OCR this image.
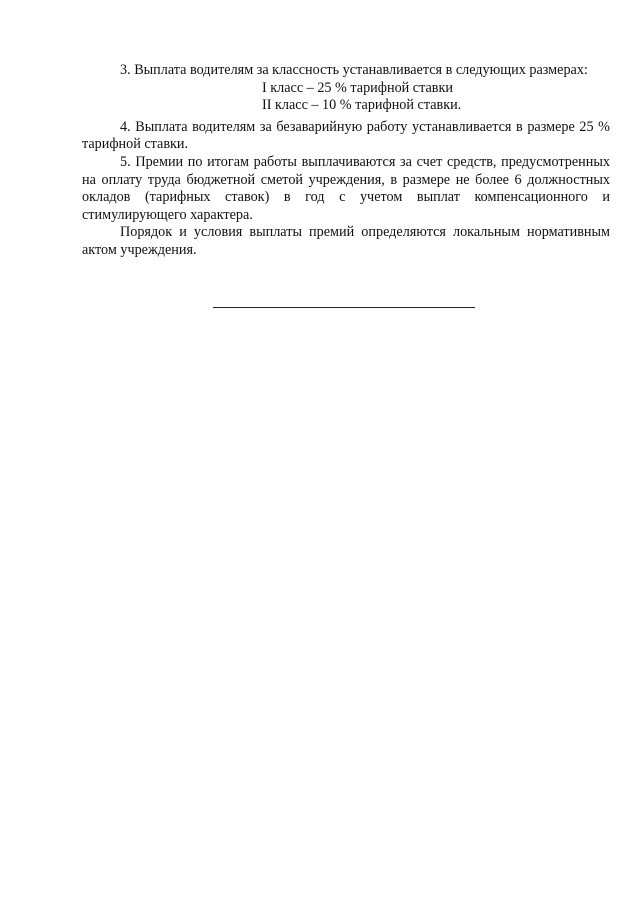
3. Выплата водителям за классность устанавливается в следующих размерах:

I класс – 25 % тарифной ставки
II класс – 10 % тарифной ставки.

4. Выплата водителям за безаварийную работу устанавливается в размере 25 % тарифной ставки.

5. Премии по итогам работы выплачиваются за счет средств, предусмотренных на оплату труда бюджетной сметой учреждения, в размере не более 6 должностных окладов (тарифных ставок) в год с учетом выплат компенсационного и стимулирующего характера.

Порядок и условия выплаты премий определяются локальным нормативным актом учреждения.
